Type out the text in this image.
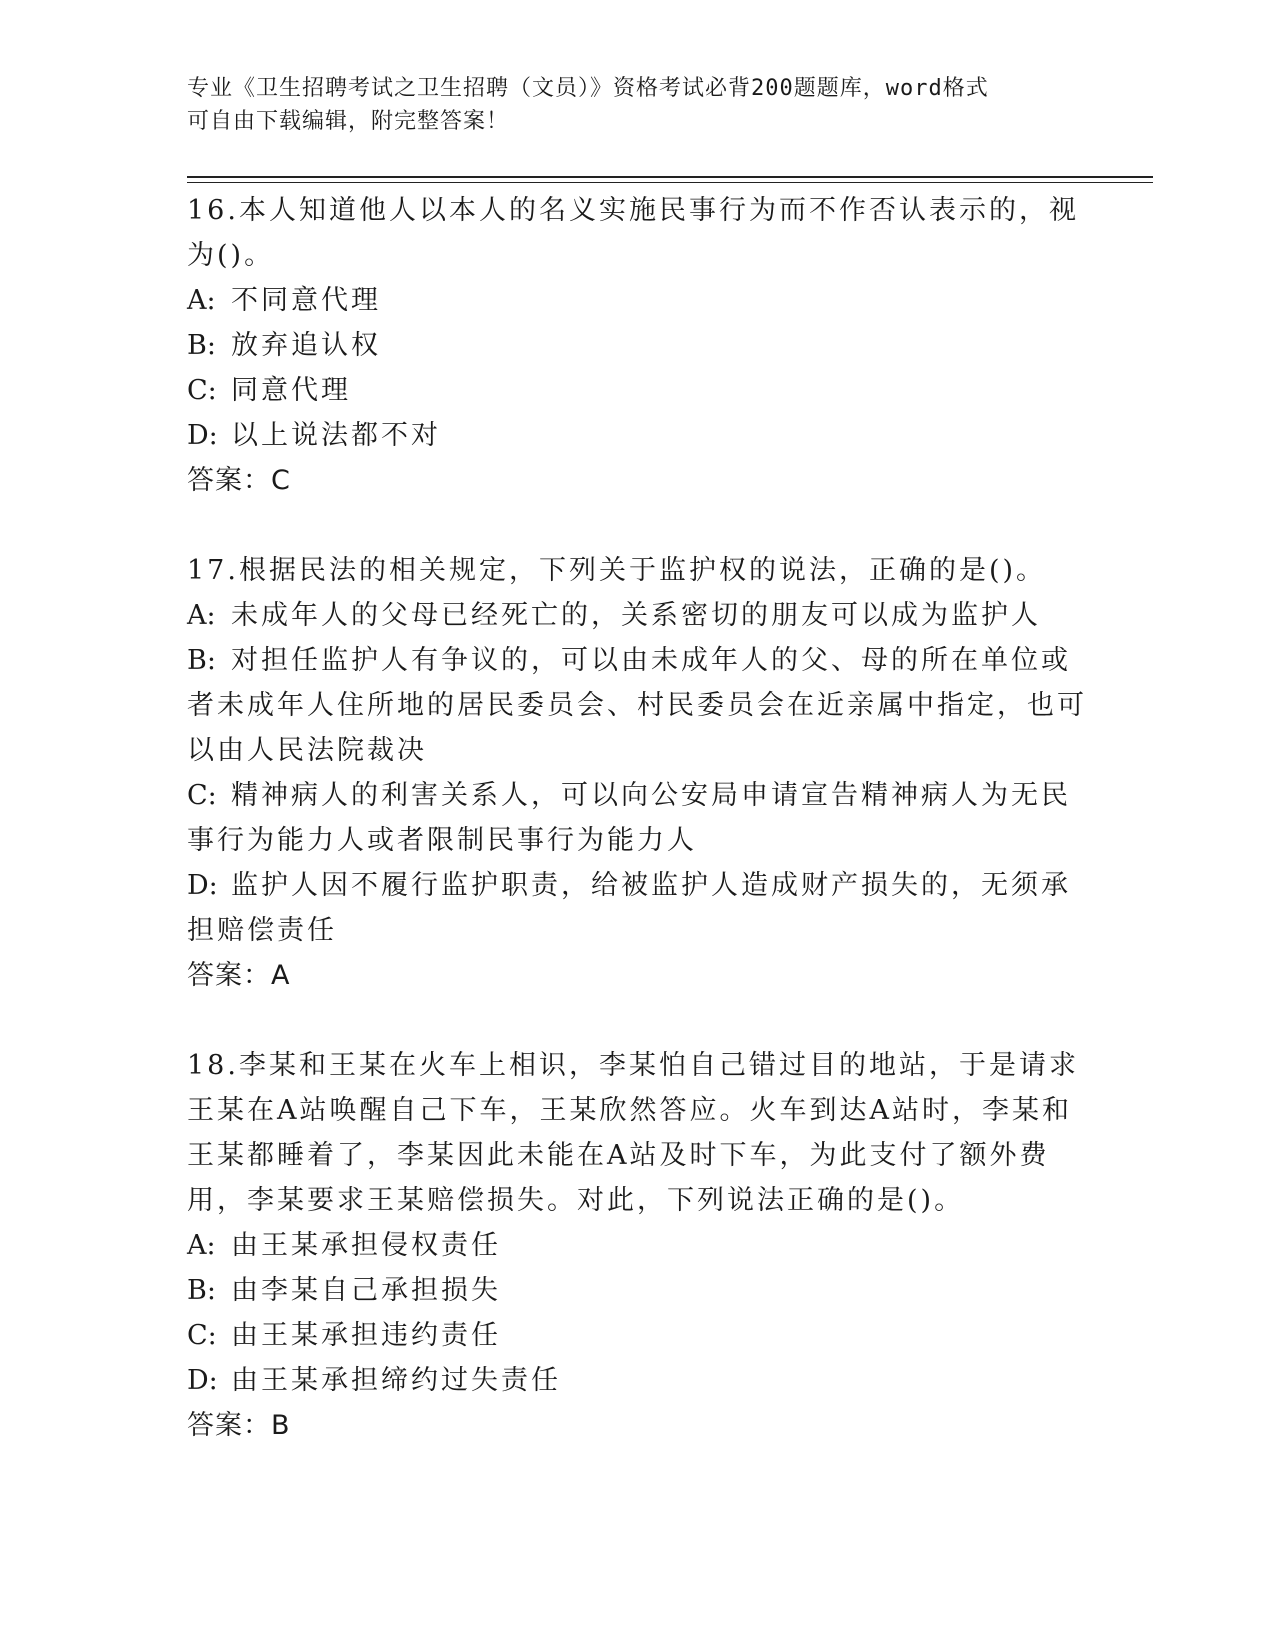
专业《卫生招聘考试之卫生招聘（文员）》资格考试必背200题题库，word格式
可自由下载编辑，附完整答案！

16.本人知道他人以本人的名义实施民事行为而不作否认表示的，视为()。

A: 不同意代理

B: 放弃追认权

C: 同意代理

D: 以上说法都不对

答案：C

17.根据民法的相关规定，下列关于监护权的说法，正确的是()。

A: 未成年人的父母已经死亡的，关系密切的朋友可以成为监护人

B: 对担任监护人有争议的，可以由未成年人的父、母的所在单位或者未成年人住所地的居民委员会、村民委员会在近亲属中指定，也可以由人民法院裁决

C: 精神病人的利害关系人，可以向公安局申请宣告精神病人为无民事行为能力人或者限制民事行为能力人

D: 监护人因不履行监护职责，给被监护人造成财产损失的，无须承担赔偿责任

答案：A

18.李某和王某在火车上相识，李某怕自己错过目的地站，于是请求王某在A站唤醒自己下车，王某欣然答应。火车到达A站时，李某和王某都睡着了，李某因此未能在A站及时下车，为此支付了额外费用，李某要求王某赔偿损失。对此，下列说法正确的是()。

A: 由王某承担侵权责任

B: 由李某自己承担损失

C: 由王某承担违约责任

D: 由王某承担缔约过失责任

答案：B
